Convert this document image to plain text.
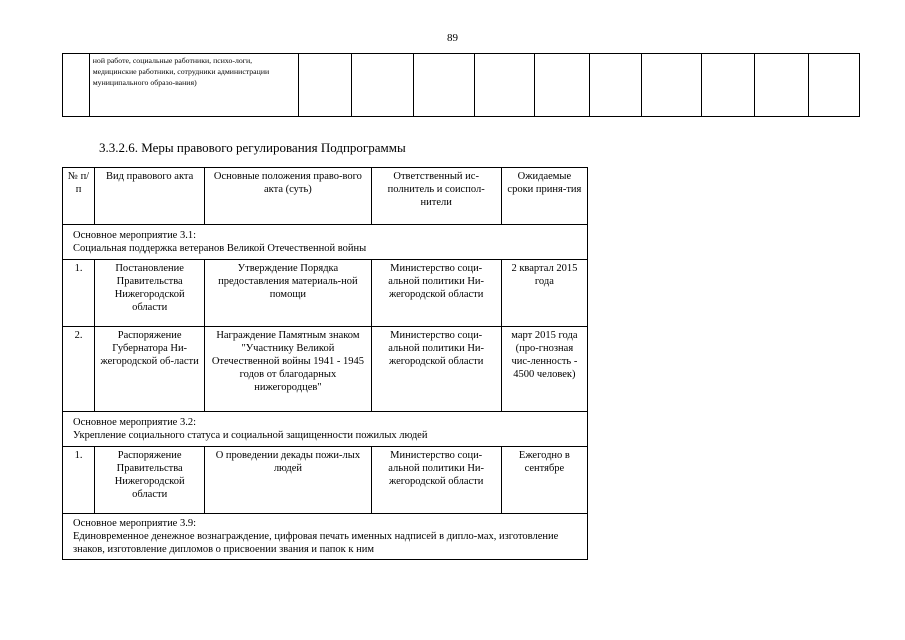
89
	ной работе, социальные работники, психо-логи, медицинские работники, сотрудники администрации муниципального образо-вания)										
3.3.2.6. Меры правового регулирования Подпрограммы
№ п/п	Вид правового акта	Основные положения право-вого акта (суть)	Ответственный ис-полнитель и соиспол-нители	Ожидаемые сроки приня-тия

Основное мероприятие 3.1:
Социальная поддержка ветеранов Великой Отечественной войны				
1.	Постановление Правительства Нижегородской области	Утверждение Порядка предоставления материаль-ной помощи	Министерство соци-альной политики Ни-жегородской области	2 квартал 2015 года
2.	Распоряжение Губернатора Ни-жегородской об-ласти	Награждение Памятным знаком "Участнику Великой Отечественной войны 1941 - 1945 годов от благодарных нижегородцев"	Министерство соци-альной политики Ни-жегородской области	март 2015 года (про-гнозная чис-ленность - 4500 человек)

Основное мероприятие 3.2:
Укрепление социального статуса и социальной защищенности пожилых людей				
1.	Распоряжение Правительства Нижегородской области	О проведении декады пожи-лых людей	Министерство соци-альной политики Ни-жегородской области	Ежегодно в сентябре

Основное мероприятие 3.9:
Единовременное денежное вознаграждение, цифровая печать именных надписей в дипло-мах, изготовление знаков, изготовление дипломов о присвоении звания и папок к ним				
